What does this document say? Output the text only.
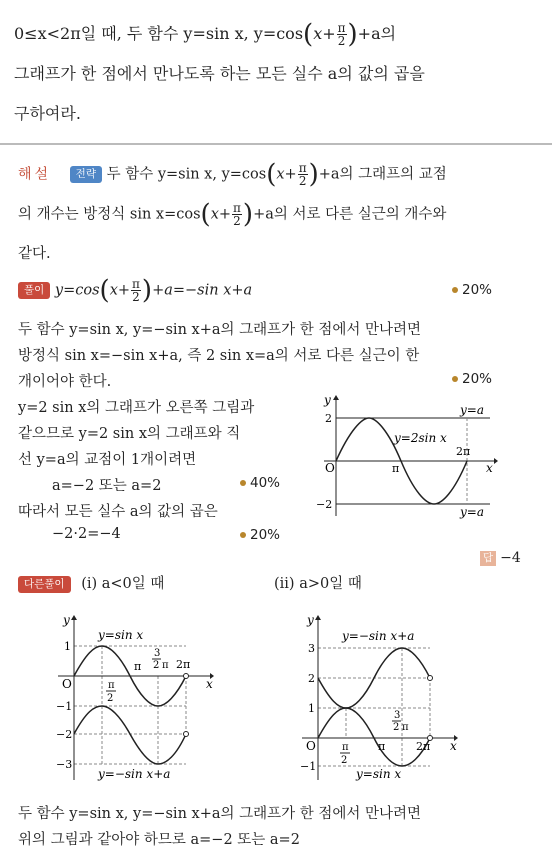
0≤x<2π일 때, 두 함수 y=sin x, $y=\cos(x+ \frac{\pi}{2} )+a$의
그래프가 한 점에서 만나도록 하는 모든 실수 a의 값의 곱을
구하여라.
해설 전략 두 함수 y=sin x, $y=\cos(x+ \frac{\pi}{2} )+a$의 그래프의 교점
의 개수는 방정식 $\sin x=\cos(x+ \frac{\pi}{2} )+a$의 서로 다른 실근의 개수와
같다.
풀이 $y=\cos(x+ \frac{\pi}{2} )+a=-\sin$ x+a	20%
두 함수 y=sin x, y=−sin x+a의 그래프가 한 점에서 만나려면
방정식 sin x=−sin x+a, 즉 2 sin x=a의 서로 다른 실근이 한
개이어야 한다.	20%
y=2 sin x의 그래프가 오른쪽 그림과
같으므로 y=2 sin x의 그래프와 직
선 y=a의 교점이 1개이려면
a=−2 또는 a=2	40%
따라서 모든 실수 a의 값의 곱은
−2·2=−4	20%
답 −4
다른풀이 (i) a<0일 때	(ii) a>0일 때
두 함수 y=sin x, y=−sin x+a의 그래프가 한 점에서 만나려면
위의 그림과 같아야 하므로 a=−2 또는 a=2
y
x
O
2
−2
y=a
y=a
y=2sin x
π
2π
y
x
O
1
−1
−2
−3
y=sin x
y=−sin x+a
π
2
π
3
2 π 2π
y
x
O
3
2
1
−1
y=−sin x+a
y=sin x
π
2
π
3
2 π
2π
